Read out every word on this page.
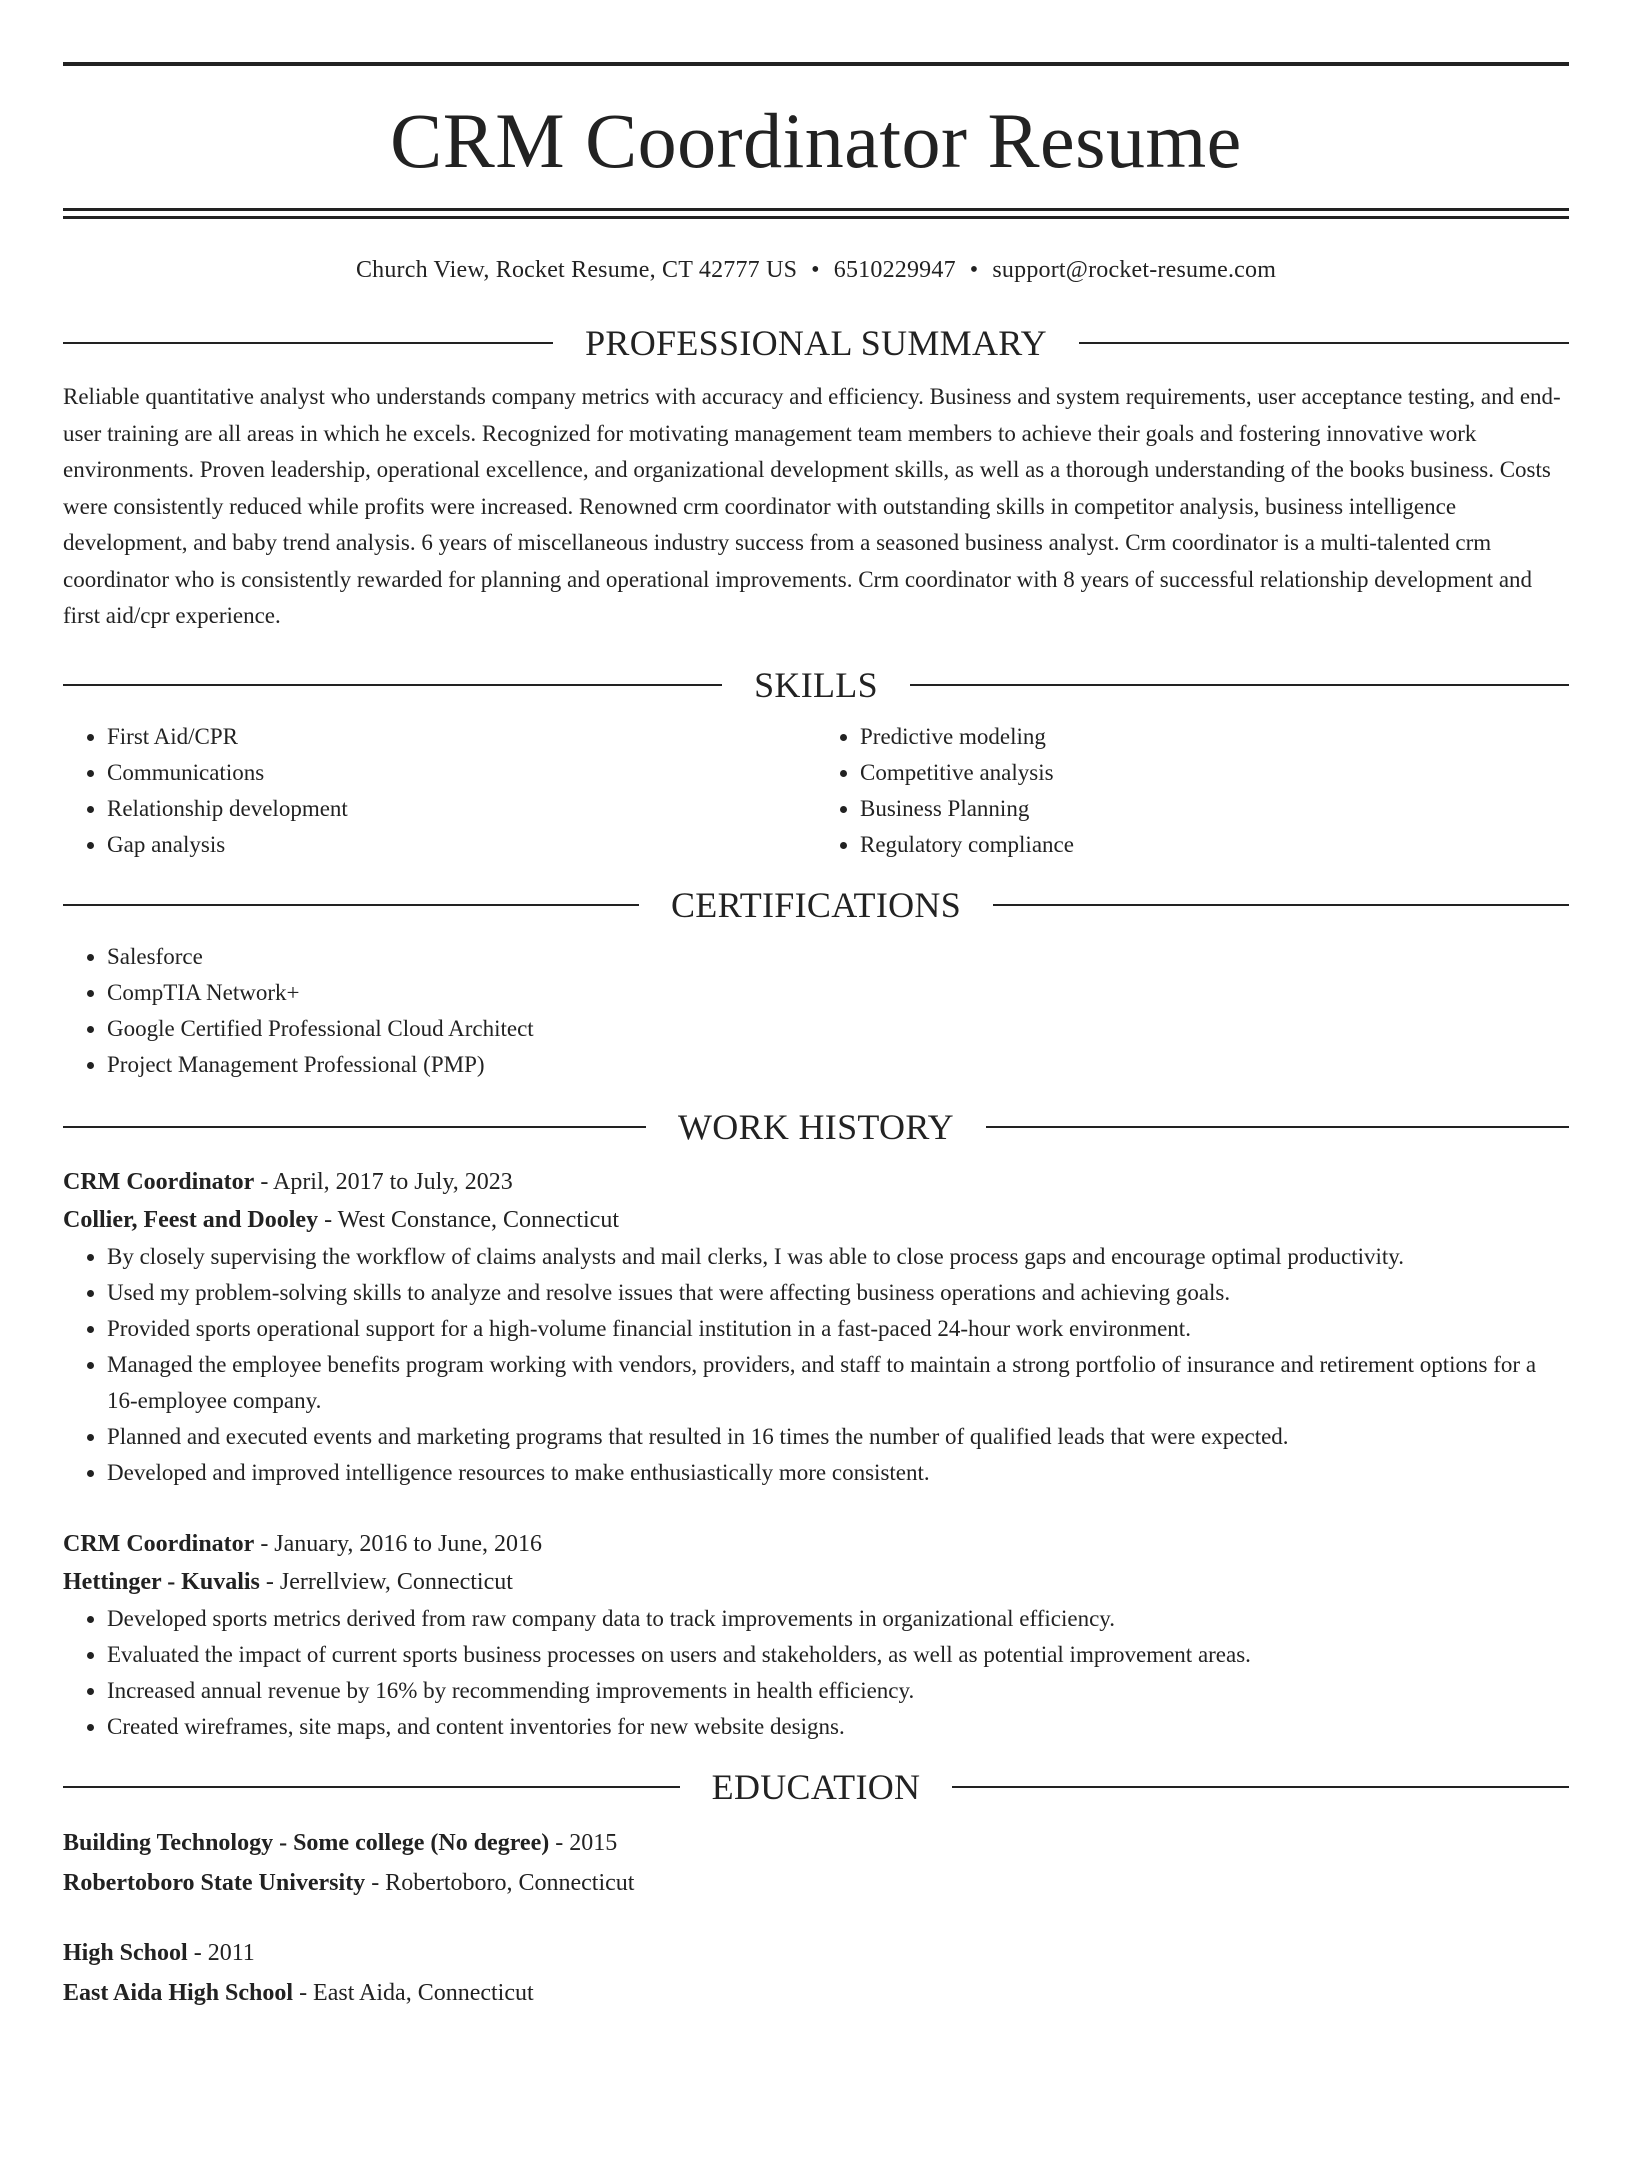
CRM Coordinator Resume
Church View, Rocket Resume, CT 42777 US • 6510229947 • support@rocket-resume.com
PROFESSIONAL SUMMARY
Reliable quantitative analyst who understands company metrics with accuracy and efficiency. Business and system requirements, user acceptance testing, and end-user training are all areas in which he excels. Recognized for motivating management team members to achieve their goals and fostering innovative work environments. Proven leadership, operational excellence, and organizational development skills, as well as a thorough understanding of the books business. Costs were consistently reduced while profits were increased. Renowned crm coordinator with outstanding skills in competitor analysis, business intelligence development, and baby trend analysis. 6 years of miscellaneous industry success from a seasoned business analyst. Crm coordinator is a multi-talented crm coordinator who is consistently rewarded for planning and operational improvements. Crm coordinator with 8 years of successful relationship development and first aid/cpr experience.
SKILLS
• First Aid/CPR
• Communications
• Relationship development
• Gap analysis
• Predictive modeling
• Competitive analysis
• Business Planning
• Regulatory compliance
CERTIFICATIONS
• Salesforce
• CompTIA Network+
• Google Certified Professional Cloud Architect
• Project Management Professional (PMP)
WORK HISTORY
CRM Coordinator - April, 2017 to July, 2023
Collier, Feest and Dooley - West Constance, Connecticut
• By closely supervising the workflow of claims analysts and mail clerks, I was able to close process gaps and encourage optimal productivity.
• Used my problem-solving skills to analyze and resolve issues that were affecting business operations and achieving goals.
• Provided sports operational support for a high-volume financial institution in a fast-paced 24-hour work environment.
• Managed the employee benefits program working with vendors, providers, and staff to maintain a strong portfolio of insurance and retirement options for a 16-employee company.
• Planned and executed events and marketing programs that resulted in 16 times the number of qualified leads that were expected.
• Developed and improved intelligence resources to make enthusiastically more consistent.
CRM Coordinator - January, 2016 to June, 2016
Hettinger - Kuvalis - Jerrellview, Connecticut
• Developed sports metrics derived from raw company data to track improvements in organizational efficiency.
• Evaluated the impact of current sports business processes on users and stakeholders, as well as potential improvement areas.
• Increased annual revenue by 16% by recommending improvements in health efficiency.
• Created wireframes, site maps, and content inventories for new website designs.
EDUCATION
Building Technology - Some college (No degree) - 2015
Robertoboro State University - Robertoboro, Connecticut
High School - 2011
East Aida High School - East Aida, Connecticut
